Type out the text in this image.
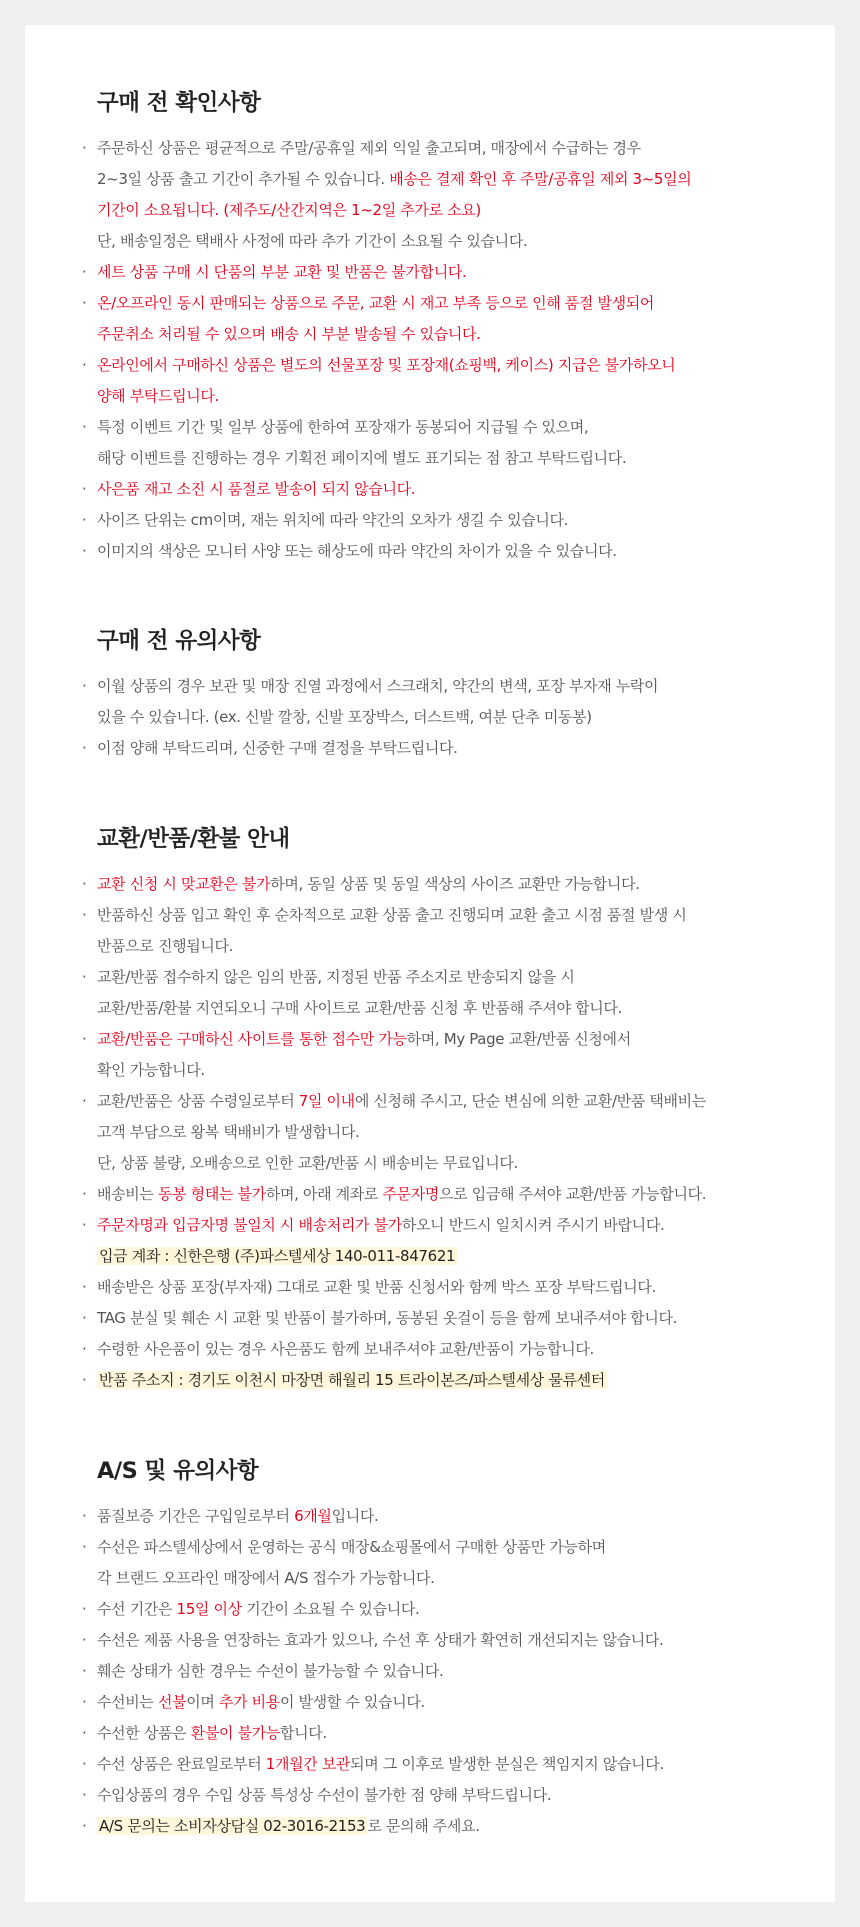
구매 전 확인사항
· 주문하신 상품은 평균적으로 주말/공휴일 제외 익일 출고되며, 매장에서 수급하는 경우
2~3일 상품 출고 기간이 추가될 수 있습니다. 배송은 결제 확인 후 주말/공휴일 제외 3~5일의
기간이 소요됩니다. (제주도/산간지역은 1~2일 추가로 소요)
단, 배송일정은 택배사 사정에 따라 추가 기간이 소요될 수 있습니다.
· 세트 상품 구매 시 단품의 부분 교환 및 반품은 불가합니다.
· 온/오프라인 동시 판매되는 상품으로 주문, 교환 시 재고 부족 등으로 인해 품절 발생되어
주문취소 처리될 수 있으며 배송 시 부분 발송될 수 있습니다.
· 온라인에서 구매하신 상품은 별도의 선물포장 및 포장재(쇼핑백, 케이스) 지급은 불가하오니
양해 부탁드립니다.
· 특정 이벤트 기간 및 일부 상품에 한하여 포장재가 동봉되어 지급될 수 있으며,
해당 이벤트를 진행하는 경우 기획전 페이지에 별도 표기되는 점 참고 부탁드립니다.
· 사은품 재고 소진 시 품절로 발송이 되지 않습니다.
· 사이즈 단위는 cm이며, 재는 위치에 따라 약간의 오차가 생길 수 있습니다.
· 이미지의 색상은 모니터 사양 또는 해상도에 따라 약간의 차이가 있을 수 있습니다.
구매 전 유의사항
· 이월 상품의 경우 보관 및 매장 진열 과정에서 스크래치, 약간의 변색, 포장 부자재 누락이
있을 수 있습니다. (ex. 신발 깔창, 신발 포장박스, 더스트백, 여분 단추 미동봉)
· 이점 양해 부탁드리며, 신중한 구매 결정을 부탁드립니다.
교환/반품/환불 안내
· 교환 신청 시 맞교환은 불가하며, 동일 상품 및 동일 색상의 사이즈 교환만 가능합니다.
· 반품하신 상품 입고 확인 후 순차적으로 교환 상품 출고 진행되며 교환 출고 시점 품절 발생 시
반품으로 진행됩니다.
· 교환/반품 접수하지 않은 임의 반품, 지정된 반품 주소지로 반송되지 않을 시
교환/반품/환불 지연되오니 구매 사이트로 교환/반품 신청 후 반품해 주셔야 합니다.
· 교환/반품은 구매하신 사이트를 통한 접수만 가능하며, My Page 교환/반품 신청에서
확인 가능합니다.
· 교환/반품은 상품 수령일로부터 7일 이내에 신청해 주시고, 단순 변심에 의한 교환/반품 택배비는
고객 부담으로 왕복 택배비가 발생합니다.
단, 상품 불량, 오배송으로 인한 교환/반품 시 배송비는 무료입니다.
· 배송비는 동봉 형태는 불가하며, 아래 계좌로 주문자명으로 입금해 주셔야 교환/반품 가능합니다.
· 주문자명과 입금자명 불일치 시 배송처리가 불가하오니 반드시 일치시켜 주시기 바랍니다.
입금 계좌 : 신한은행 (주)파스텔세상 140-011-847621
· 배송받은 상품 포장(부자재) 그대로 교환 및 반품 신청서와 함께 박스 포장 부탁드립니다.
· TAG 분실 및 훼손 시 교환 및 반품이 불가하며, 동봉된 옷걸이 등을 함께 보내주셔야 합니다.
· 수령한 사은품이 있는 경우 사은품도 함께 보내주셔야 교환/반품이 가능합니다.
· 반품 주소지 : 경기도 이천시 마장면 해월리 15 트라이본즈/파스텔세상 물류센터
A/S 및 유의사항
· 품질보증 기간은 구입일로부터 6개월입니다.
· 수선은 파스텔세상에서 운영하는 공식 매장&쇼핑몰에서 구매한 상품만 가능하며
각 브랜드 오프라인 매장에서 A/S 접수가 가능합니다.
· 수선 기간은 15일 이상 기간이 소요될 수 있습니다.
· 수선은 제품 사용을 연장하는 효과가 있으나, 수선 후 상태가 확연히 개선되지는 않습니다.
· 훼손 상태가 심한 경우는 수선이 불가능할 수 있습니다.
· 수선비는 선불이며 추가 비용이 발생할 수 있습니다.
· 수선한 상품은 환불이 불가능합니다.
· 수선 상품은 완료일로부터 1개월간 보관되며 그 이후로 발생한 분실은 책임지지 않습니다.
· 수입상품의 경우 수입 상품 특성상 수선이 불가한 점 양해 부탁드립니다.
· A/S 문의는 소비자상담실 02-3016-2153 로 문의해 주세요.
